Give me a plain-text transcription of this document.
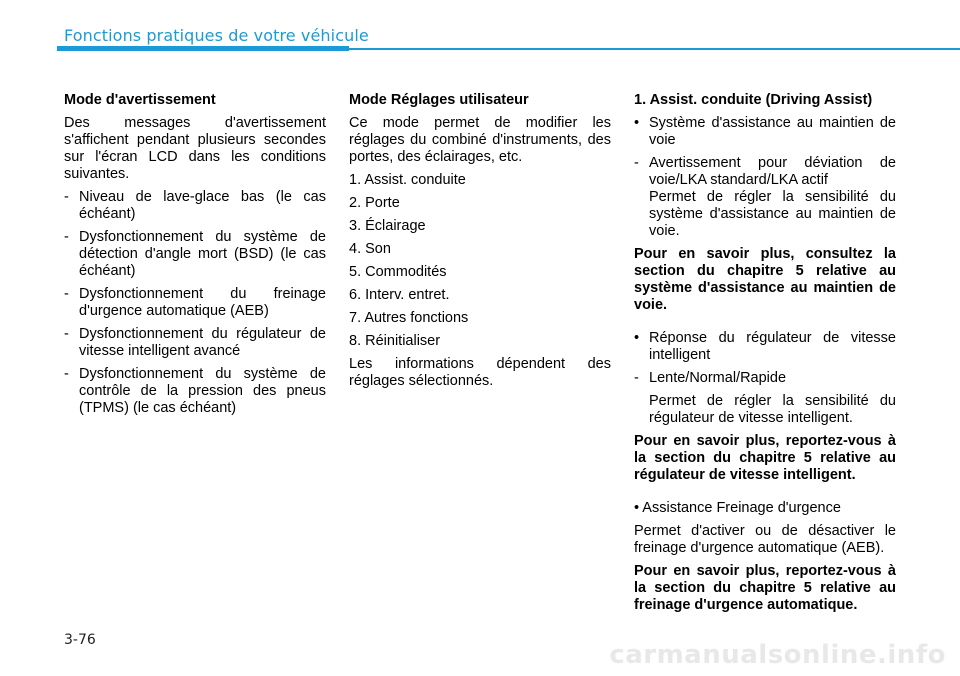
Fonctions pratiques de votre véhicule

Mode d'avertissement

Des messages d'avertissement s'affichent pendant plusieurs secondes sur l'écran LCD dans les conditions suivantes.

- Niveau de lave-glace bas (le cas échéant)
- Dysfonctionnement du système de détection d'angle mort (BSD) (le cas échéant)
- Dysfonctionnement du freinage d'urgence automatique (AEB)
- Dysfonctionnement du régulateur de vitesse intelligent avancé
- Dysfonctionnement du système de contrôle de la pression des pneus (TPMS) (le cas échéant)

Mode Réglages utilisateur

Ce mode permet de modifier les réglages du combiné d'instruments, des portes, des éclairages, etc.

1. Assist. conduite
2. Porte
3. Éclairage
4. Son
5. Commodités
6. Interv. entret.
7. Autres fonctions
8. Réinitialiser

Les informations dépendent des réglages sélectionnés.

1. Assist. conduite (Driving Assist)

• Système d'assistance au maintien de voie
- Avertissement pour déviation de voie/LKA standard/LKA actif
Permet de régler la sensibilité du système d'assistance au maintien de voie.

Pour en savoir plus, consultez la section du chapitre 5 relative au système d'assistance au maintien de voie.

• Réponse du régulateur de vitesse intelligent
- Lente/Normal/Rapide

Permet de régler la sensibilité du régulateur de vitesse intelligent.

Pour en savoir plus, reportez-vous à la section du chapitre 5 relative au régulateur de vitesse intelligent.

• Assistance Freinage d'urgence

Permet d'activer ou de désactiver le freinage d'urgence automatique (AEB).

Pour en savoir plus, reportez-vous à la section du chapitre 5 relative au freinage d'urgence automatique.

3-76	carmanualsonline.info
